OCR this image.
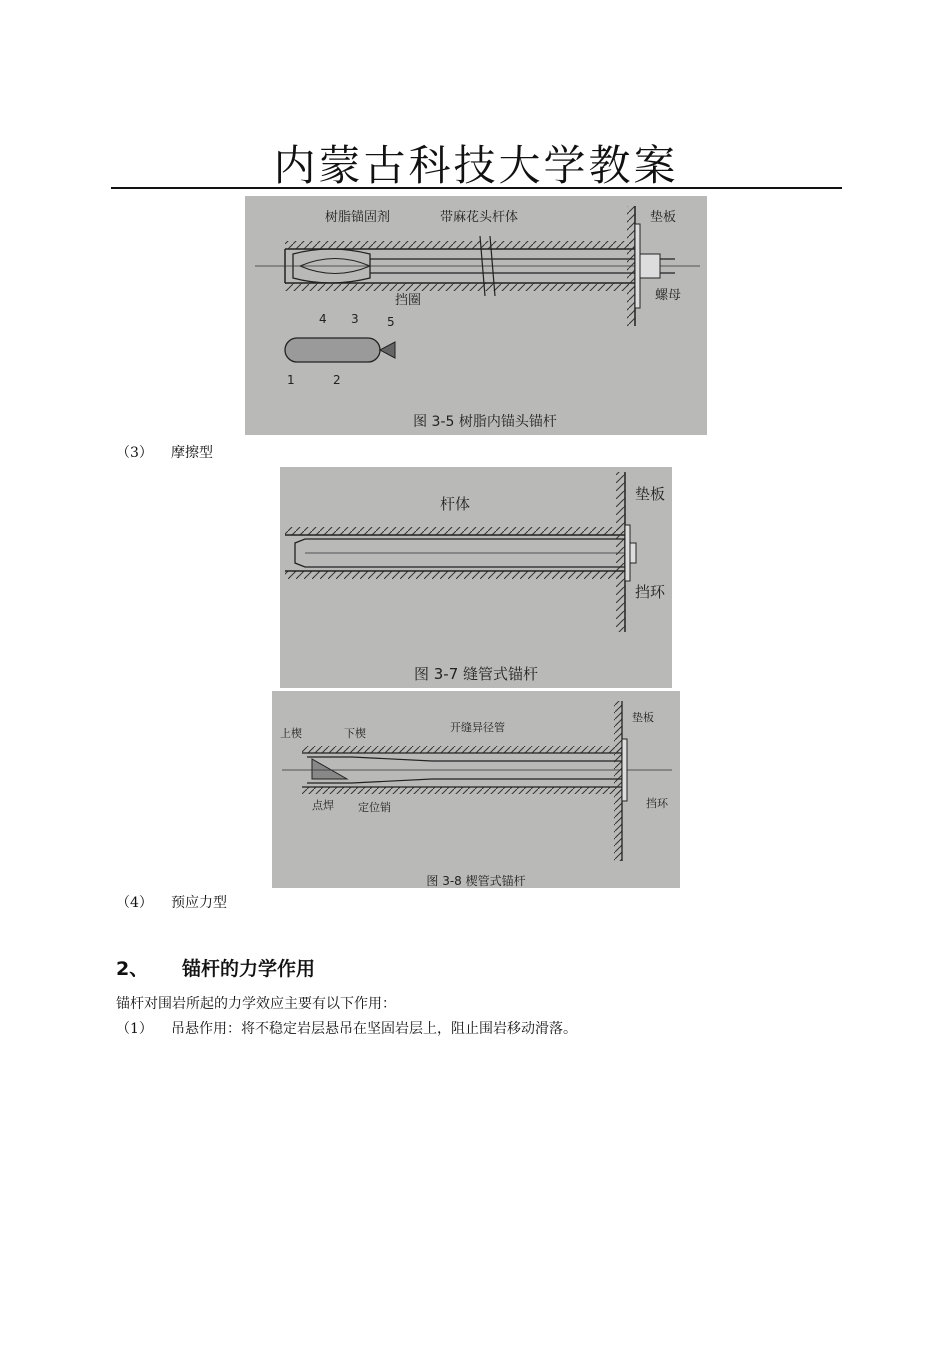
内蒙古科技大学教案
图 3-5 树脂内锚头锚杆
树脂锚固剂	带麻花头杆体	垫板
挡圈	螺母
4 3 5
1	2
（3） 摩擦型
杆体
垫板
挡环
图 3-7 缝管式锚杆
上楔	下楔	开缝异径管
垫板
点焊 定位销	挡环
图 3-8 楔管式锚杆
（4） 预应力型
2、 锚杆的力学作用
锚杆对围岩所起的力学效应主要有以下作用：
（1） 吊悬作用：将不稳定岩层悬吊在坚固岩层上，阻止围岩移动滑落。
